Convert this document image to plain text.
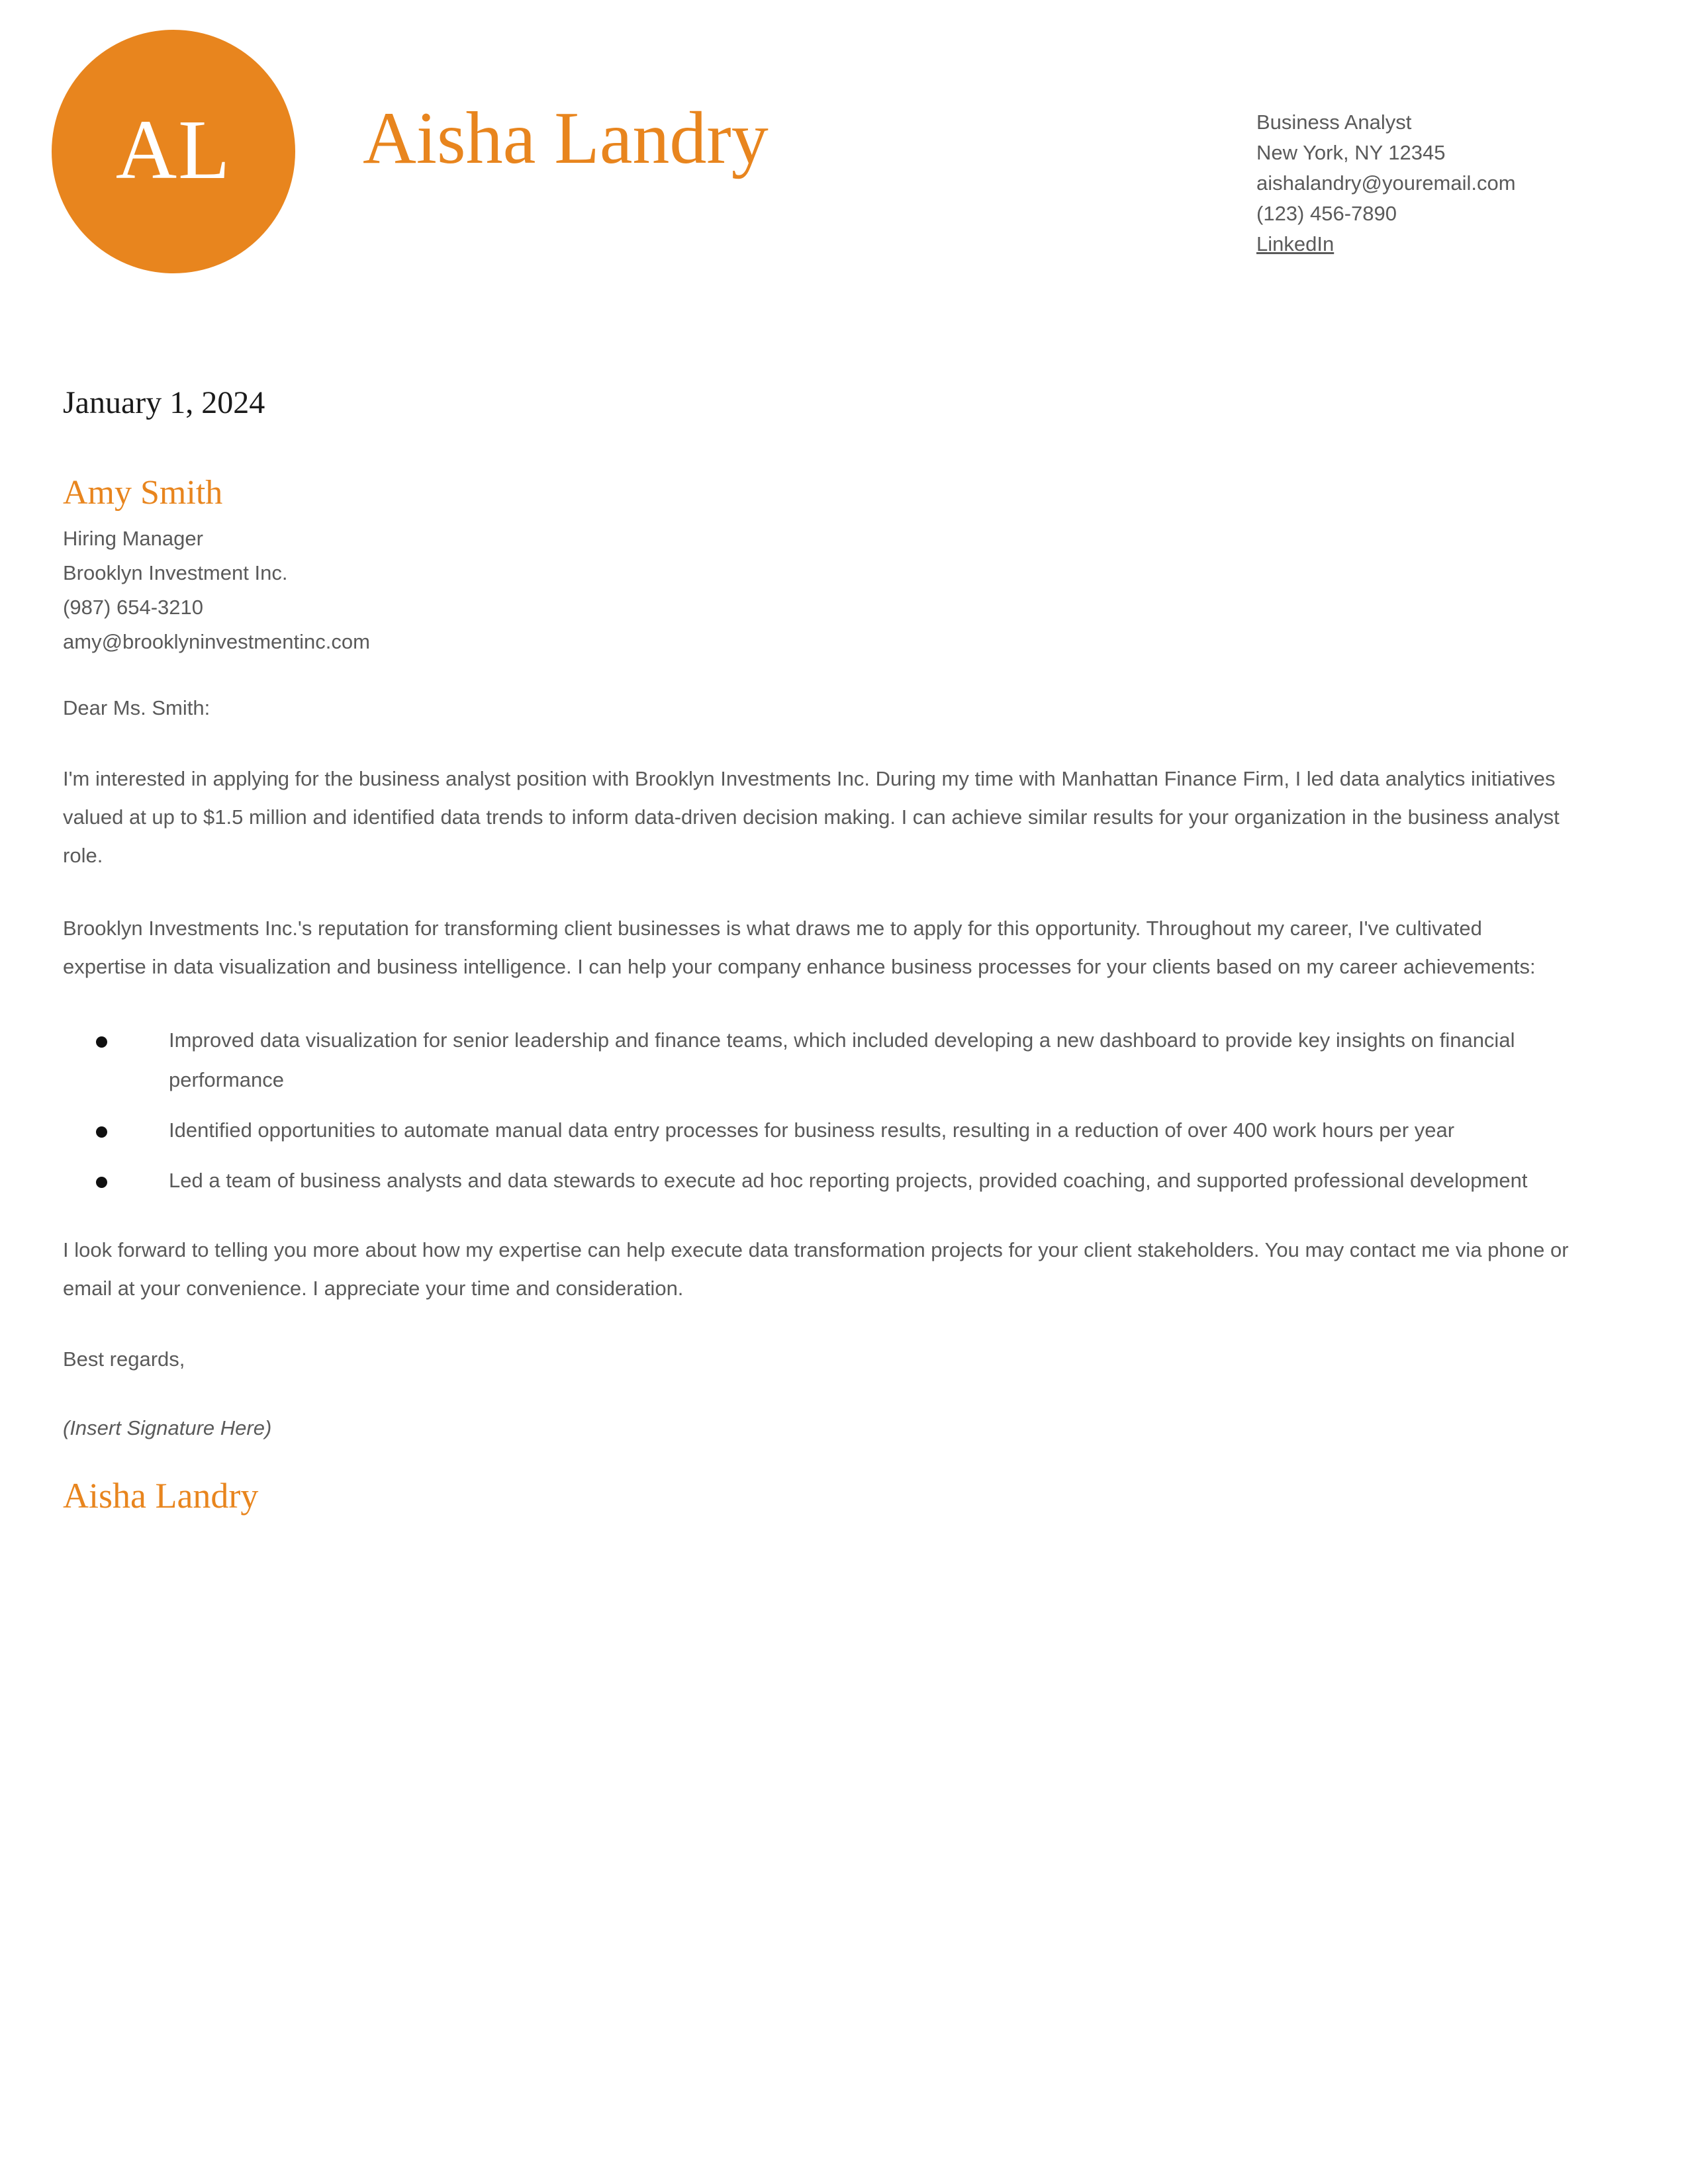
AL Aisha Landry	Business Analyst
New York, NY 12345
aishalandry@youremail.com
(123) 456-7890
LinkedIn

January 1, 2024

Amy Smith

Hiring Manager
Brooklyn Investment Inc.
(987) 654-3210
amy@brooklyninvestmentinc.com

Dear Ms. Smith:

I'm interested in applying for the business analyst position with Brooklyn Investments Inc. During my time with Manhattan Finance Firm, I led data analytics initiatives valued at up to $1.5 million and identified data trends to inform data-driven decision making. I can achieve similar results for your organization in the business analyst role.

Brooklyn Investments Inc.'s reputation for transforming client businesses is what draws me to apply for this opportunity. Throughout my career, I've cultivated expertise in data visualization and business intelligence. I can help your company enhance business processes for your clients based on my career achievements:

Improved data visualization for senior leadership and finance teams, which included developing a new dashboard to provide key insights on financial performance
Identified opportunities to automate manual data entry processes for business results, resulting in a reduction of over 400 work hours per year
Led a team of business analysts and data stewards to execute ad hoc reporting projects, provided coaching, and supported professional development

I look forward to telling you more about how my expertise can help execute data transformation projects for your client stakeholders. You may contact me via phone or email at your convenience. I appreciate your time and consideration.

Best regards,

(Insert Signature Here)

Aisha Landry
